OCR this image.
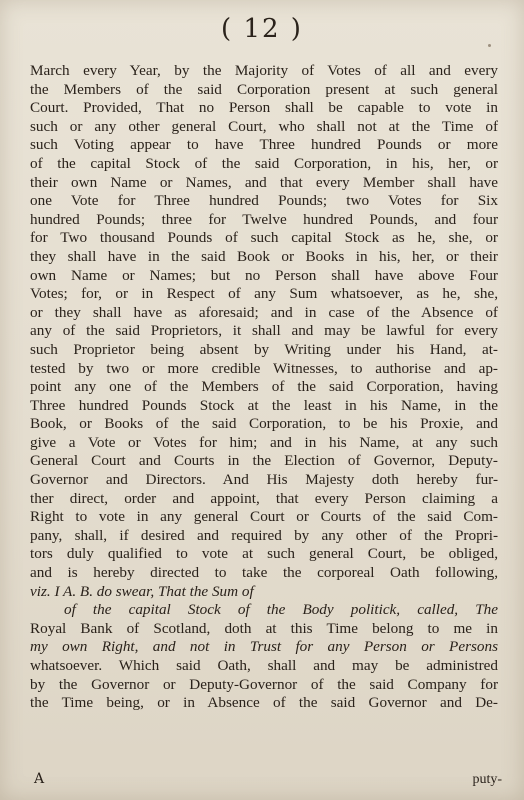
( 12 )
March every Year, by the Majority of Votes of all and every
the Members of the said Corporation present at such general
Court. Provided, That no Person shall be capable to vote in
such or any other general Court, who shall not at the Time of
such Voting appear to have Three hundred Pounds or more
of the capital Stock of the said Corporation, in his, her, or
their own Name or Names, and that every Member shall have
one Vote for Three hundred Pounds; two Votes for Six
hundred Pounds; three for Twelve hundred Pounds, and four
for Two thousand Pounds of such capital Stock as he, she, or
they shall have in the said Book or Books in his, her, or their
own Name or Names; but no Person shall have above Four
Votes; for, or in Respect of any Sum whatsoever, as he, she,
or they shall have as aforesaid; and in case of the Absence of
any of the said Proprietors, it shall and may be lawful for every
such Proprietor being absent by Writing under his Hand, at-
tested by two or more credible Witnesses, to authorise and ap-
point any one of the Members of the said Corporation, having
Three hundred Pounds Stock at the least in his Name, in the
Book, or Books of the said Corporation, to be his Proxie, and
give a Vote or Votes for him; and in his Name, at any such
General Court and Courts in the Election of Governor, Deputy-
Governor and Directors. And His Majesty doth hereby fur-
ther direct, order and appoint, that every Person claiming a
Right to vote in any general Court or Courts of the said Com-
pany, shall, if desired and required by any other of the Propri-
tors duly qualified to vote at such general Court, be obliged,
and is hereby directed to take the corporeal Oath following,
viz. I A. B. do swear, That the Sum of
of the capital Stock of the Body politick, called, The
Royal Bank of Scotland, doth at this Time belong to me in
my own Right, and not in Trust for any Person or Persons
whatsoever. Which said Oath, shall and may be administred
by the Governor or Deputy-Governor of the said Company for
the Time being, or in Absence of the said Governor and De-
A	puty-
